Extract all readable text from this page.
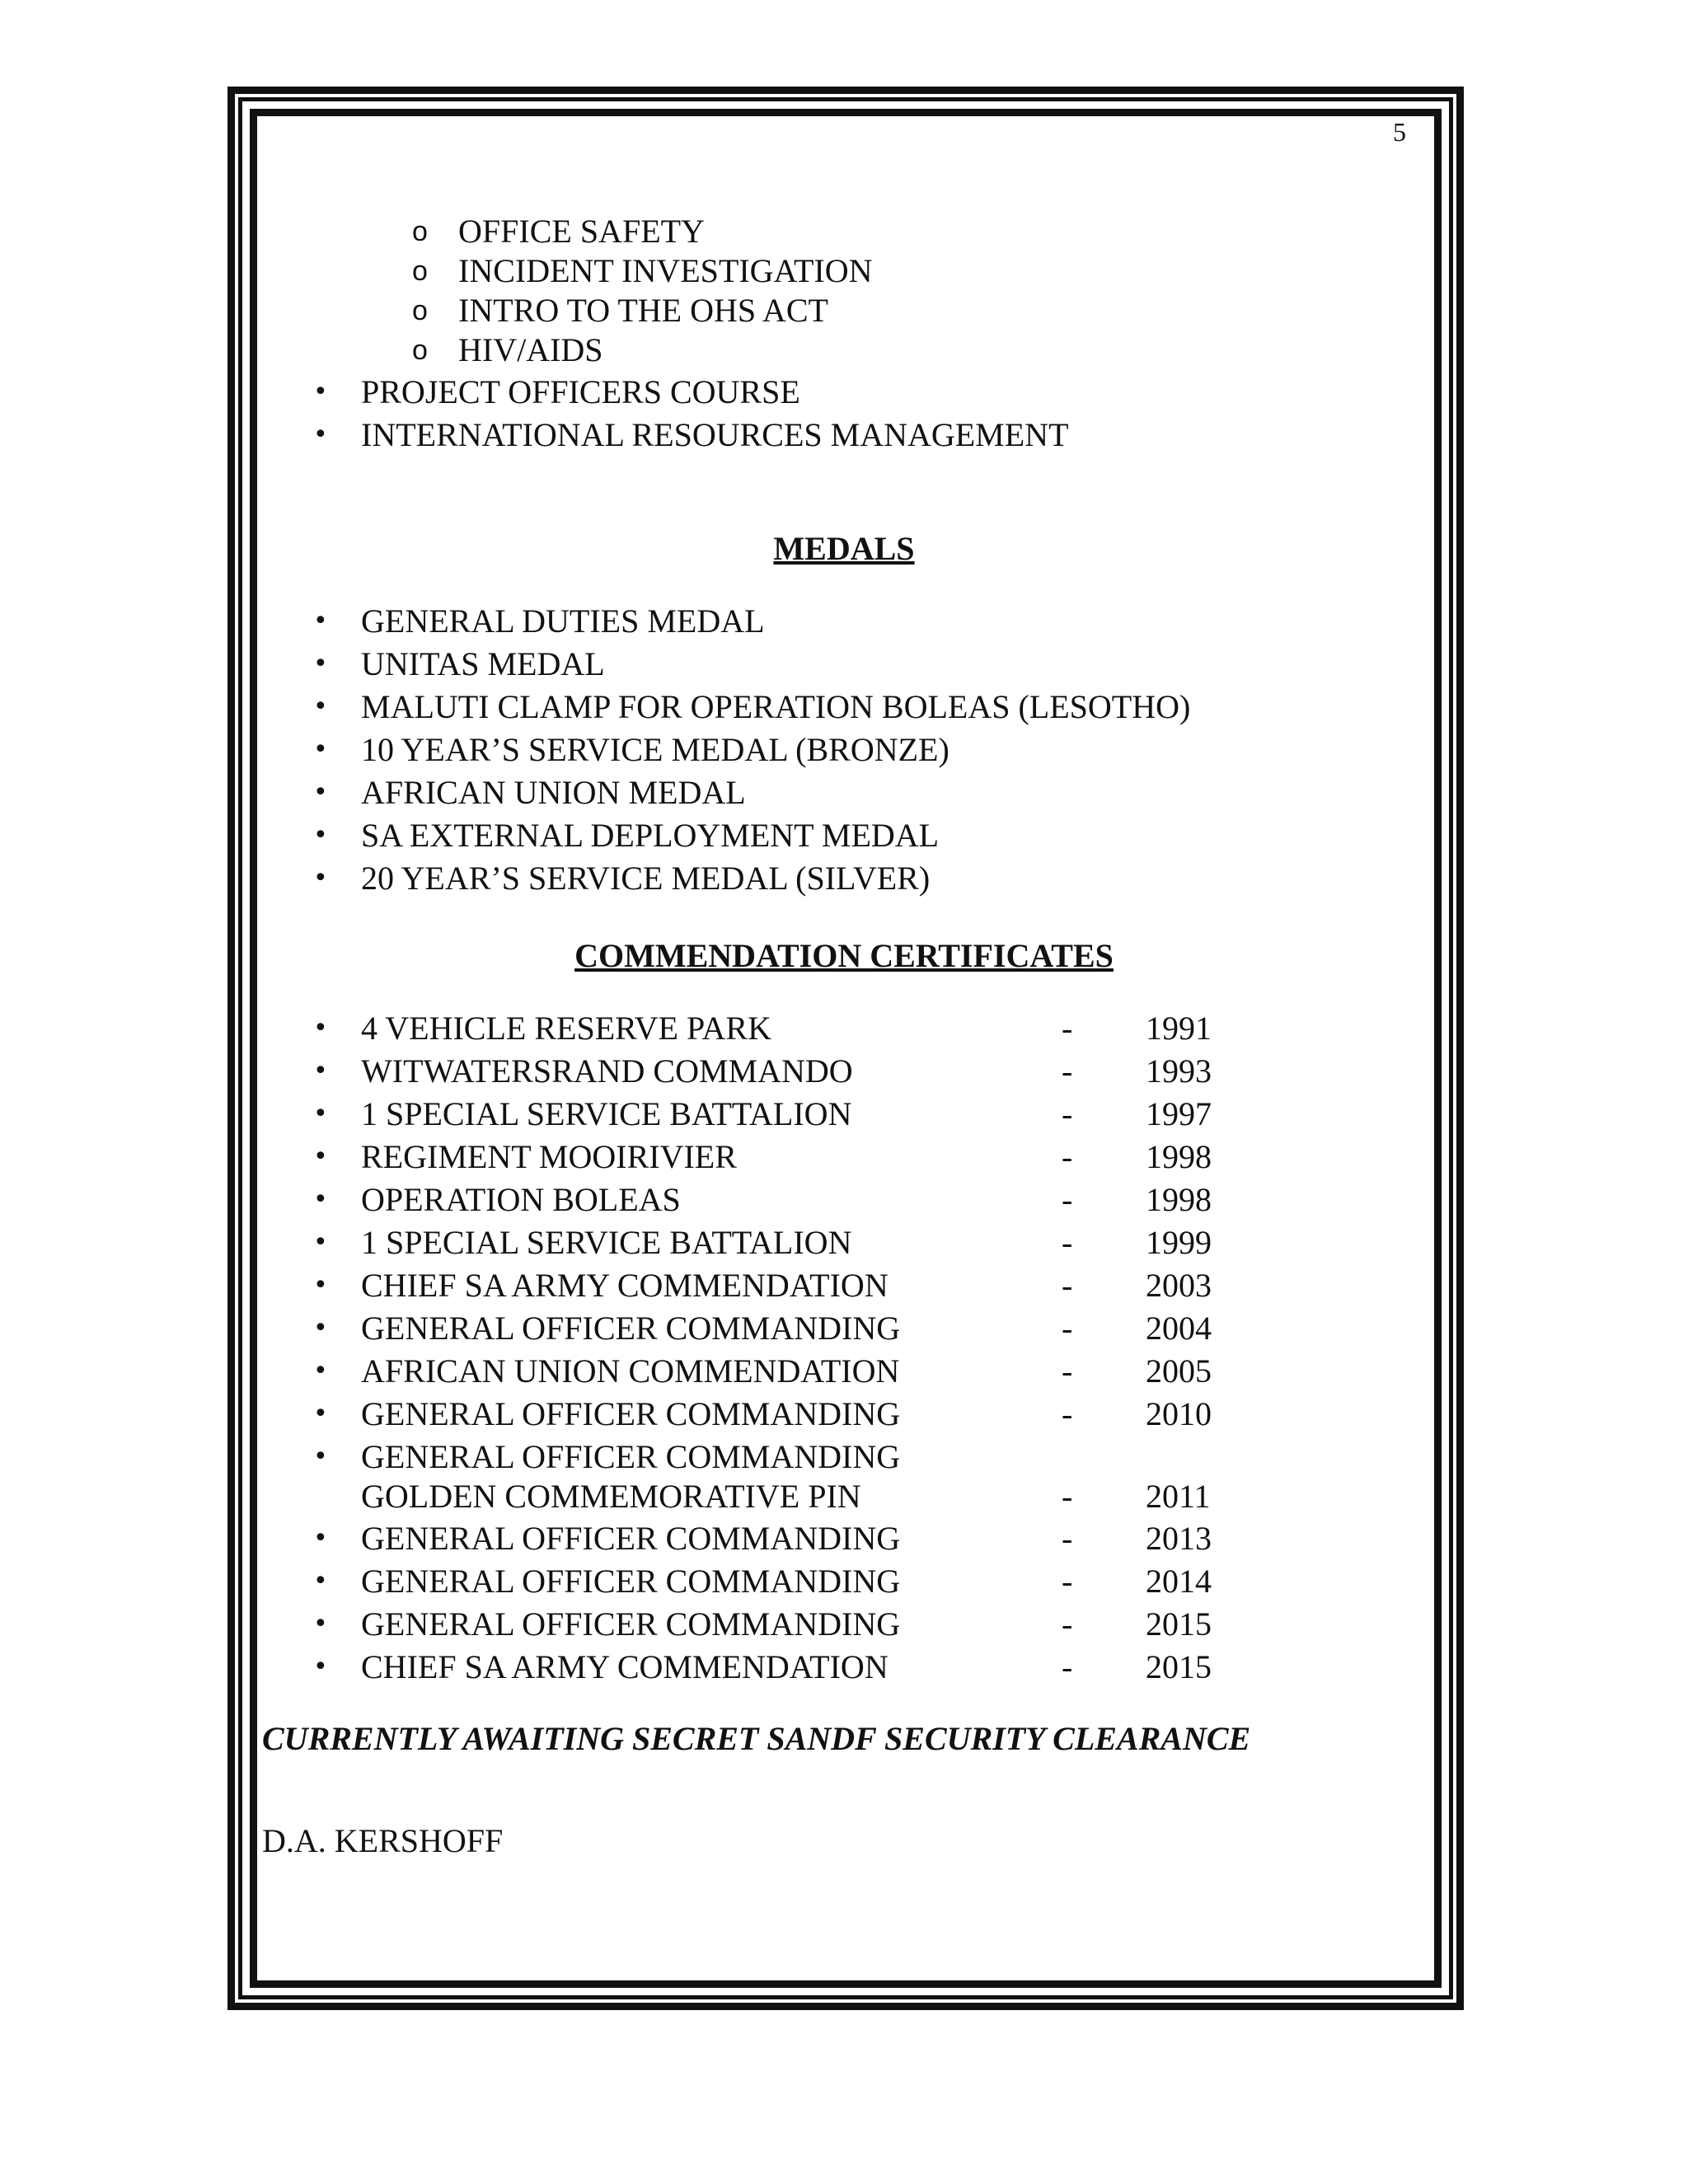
5
o OFFICE SAFETY
o INCIDENT INVESTIGATION
o INTRO TO THE OHS ACT
o HIV/AIDS
• PROJECT OFFICERS COURSE
• INTERNATIONAL RESOURCES MANAGEMENT
MEDALS
• GENERAL DUTIES MEDAL
• UNITAS MEDAL
• MALUTI CLAMP FOR OPERATION BOLEAS (LESOTHO)
• 10 YEAR’S SERVICE MEDAL (BRONZE)
• AFRICAN UNION MEDAL
• SA EXTERNAL DEPLOYMENT MEDAL
• 20 YEAR’S SERVICE MEDAL (SILVER)
COMMENDATION CERTIFICATES
• 4 VEHICLE RESERVE PARK	- 1991
• WITWATERSRAND COMMANDO	- 1993
• 1 SPECIAL SERVICE BATTALION	- 1997
• REGIMENT MOOIRIVIER	- 1998
• OPERATION BOLEAS	- 1998
• 1 SPECIAL SERVICE BATTALION	- 1999
• CHIEF SA ARMY COMMENDATION	- 2003
• GENERAL OFFICER COMMANDING	- 2004
• AFRICAN UNION COMMENDATION	- 2005
• GENERAL OFFICER COMMANDING	- 2010
• GENERAL OFFICER COMMANDING
GOLDEN COMMEMORATIVE PIN	- 2011
• GENERAL OFFICER COMMANDING	- 2013
• GENERAL OFFICER COMMANDING	- 2014
• GENERAL OFFICER COMMANDING	- 2015
• CHIEF SA ARMY COMMENDATION	- 2015
CURRENTLY AWAITING SECRET SANDF SECURITY CLEARANCE
D.A. KERSHOFF
